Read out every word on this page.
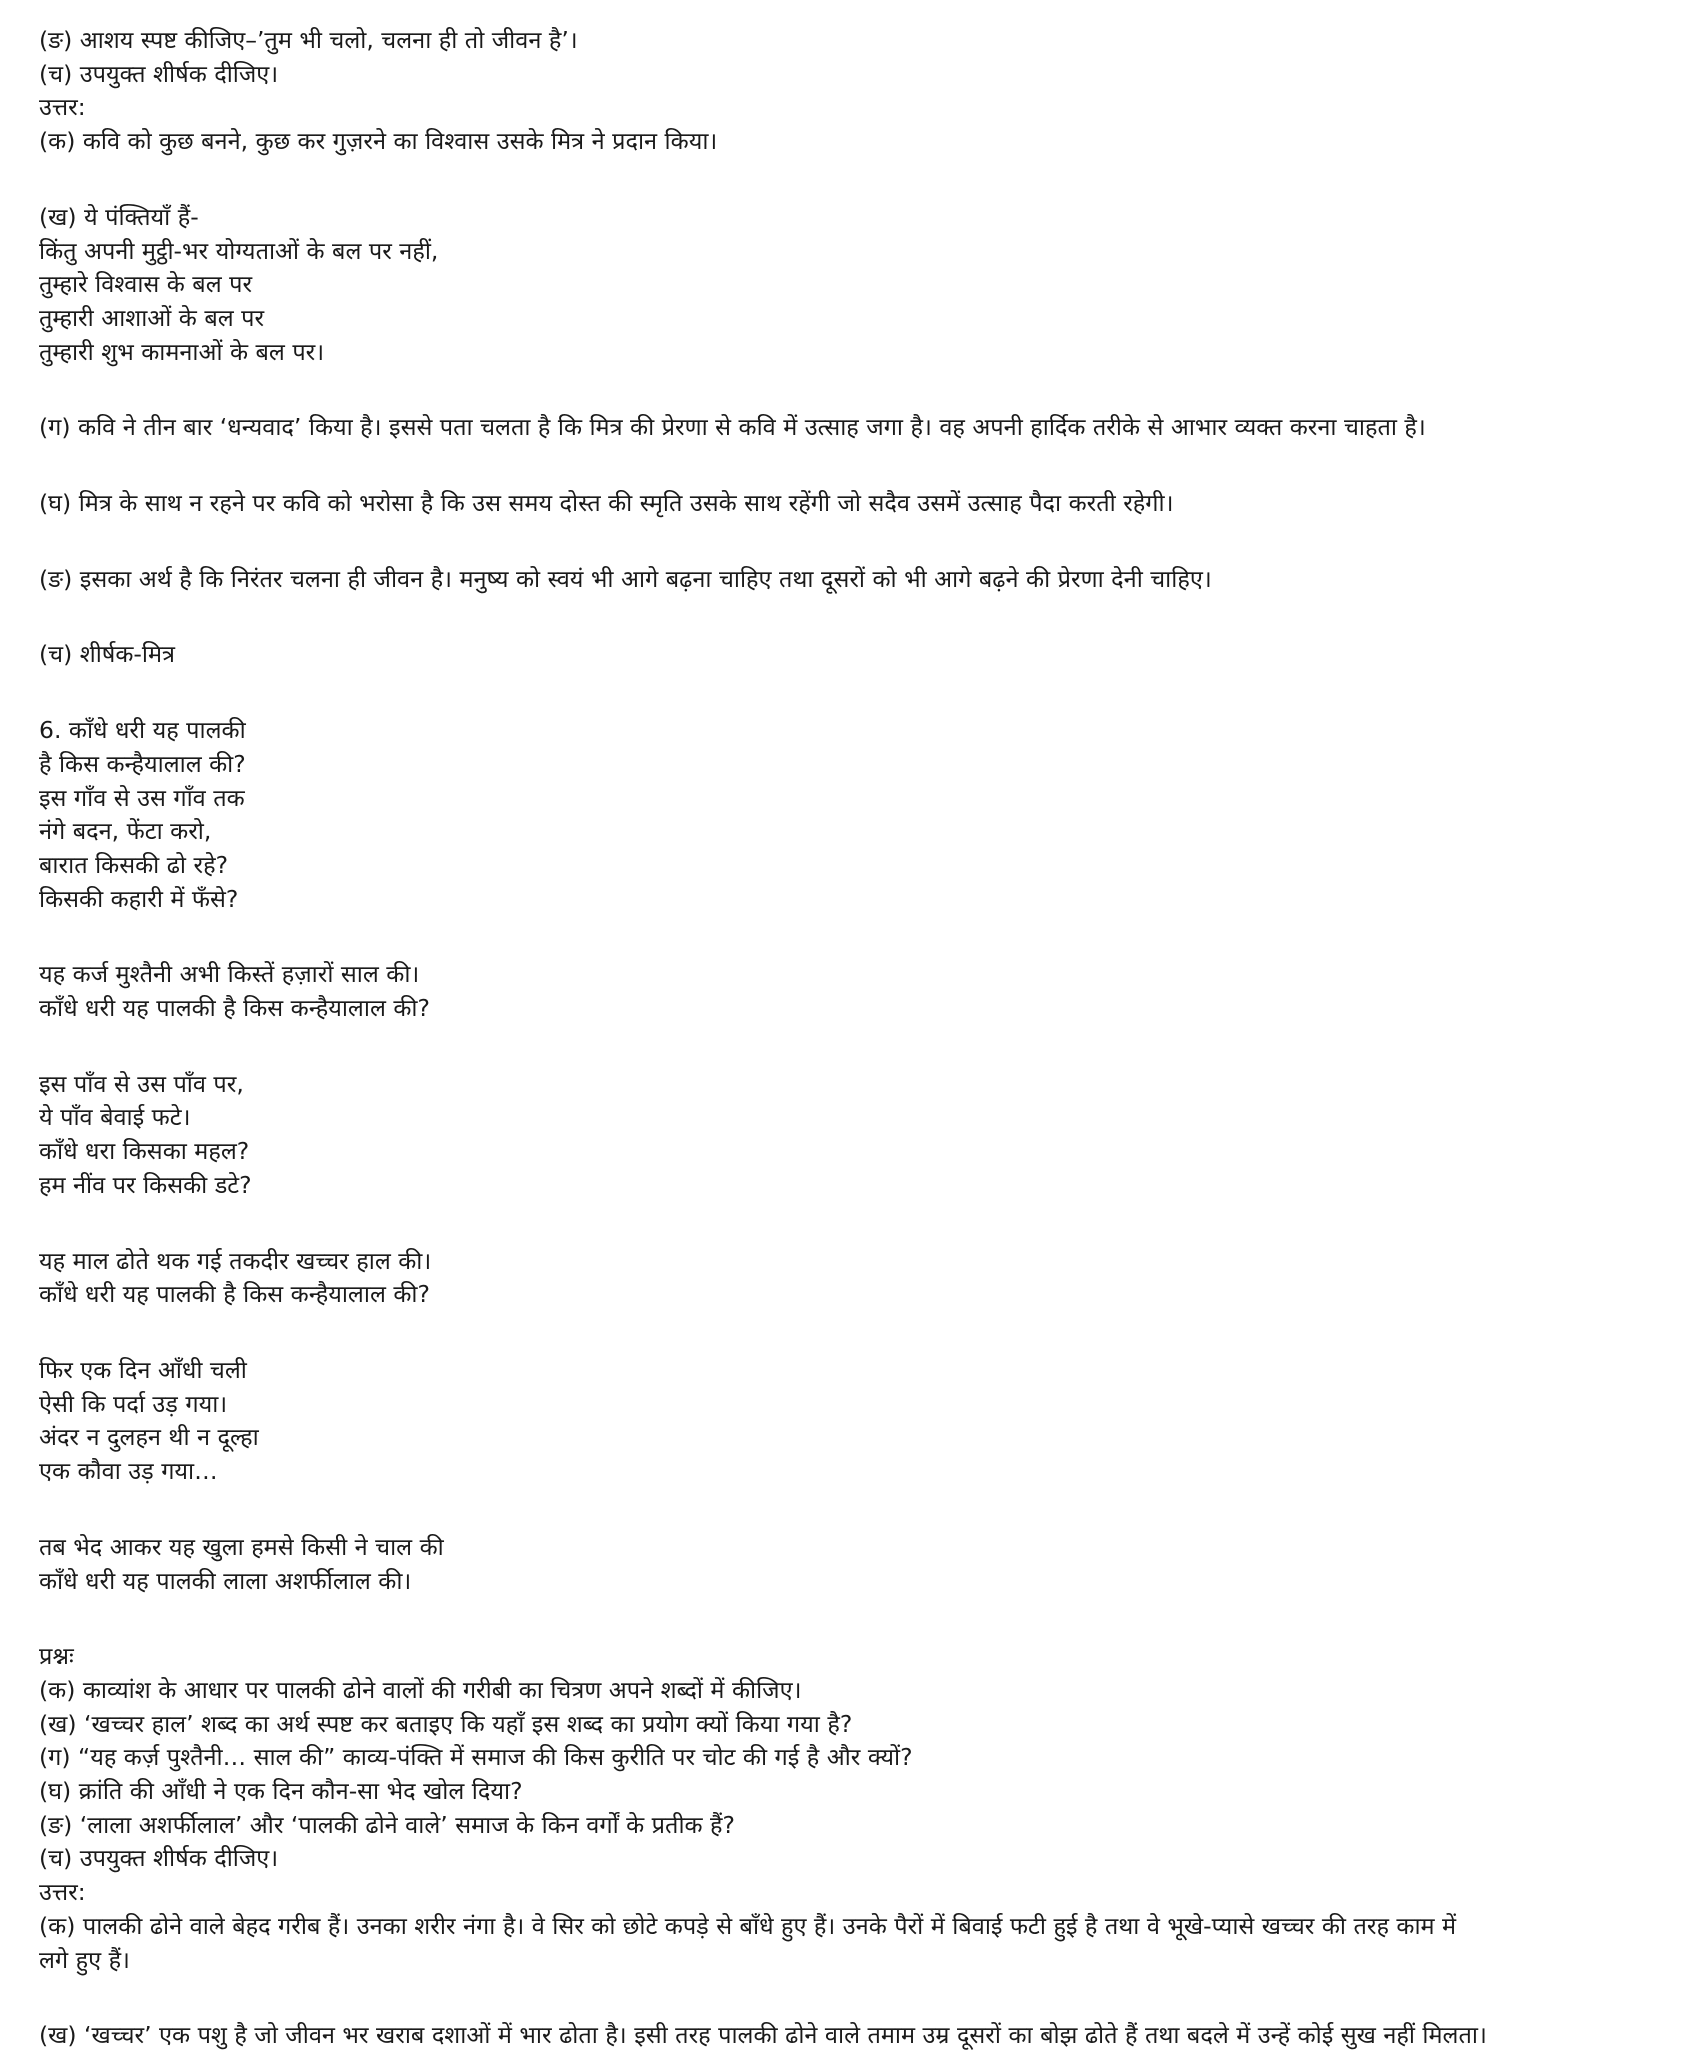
(ङ) आशय स्पष्ट कीजिए–’तुम भी चलो, चलना ही तो जीवन है’।
(च) उपयुक्त शीर्षक दीजिए।
उत्तर:
(क) कवि को कुछ बनने, कुछ कर गुज़रने का विश्वास उसके मित्र ने प्रदान किया।
(ख) ये पंक्तियाँ हैं-
किंतु अपनी मुट्ठी-भर योग्यताओं के बल पर नहीं,
तुम्हारे विश्वास के बल पर
तुम्हारी आशाओं के बल पर
तुम्हारी शुभ कामनाओं के बल पर।
(ग) कवि ने तीन बार ‘धन्यवाद’ किया है। इससे पता चलता है कि मित्र की प्रेरणा से कवि में उत्साह जगा है। वह अपनी हार्दिक तरीके से आभार व्यक्त करना चाहता है।
(घ) मित्र के साथ न रहने पर कवि को भरोसा है कि उस समय दोस्त की स्मृति उसके साथ रहेंगी जो सदैव उसमें उत्साह पैदा करती रहेगी।
(ङ) इसका अर्थ है कि निरंतर चलना ही जीवन है। मनुष्य को स्वयं भी आगे बढ़ना चाहिए तथा दूसरों को भी आगे बढ़ने की प्रेरणा देनी चाहिए।
(च) शीर्षक-मित्र
6. काँधे धरी यह पालकी
है किस कन्हैयालाल की?
इस गाँव से उस गाँव तक
नंगे बदन, फेंटा करो,
बारात किसकी ढो रहे?
किसकी कहारी में फँसे?
यह कर्ज मुश्तैनी अभी किस्तें हज़ारों साल की।
काँधे धरी यह पालकी है किस कन्हैयालाल की?
इस पाँव से उस पाँव पर,
ये पाँव बेवाई फटे।
काँधे धरा किसका महल?
हम नींव पर किसकी डटे?
यह माल ढोते थक गई तकदीर खच्चर हाल की।
काँधे धरी यह पालकी है किस कन्हैयालाल की?
फिर एक दिन आँधी चली
ऐसी कि पर्दा उड़ गया।
अंदर न दुलहन थी न दूल्हा
एक कौवा उड़ गया…
तब भेद आकर यह खुला हमसे किसी ने चाल की
काँधे धरी यह पालकी लाला अशर्फीलाल की।
प्रश्नः
(क) काव्यांश के आधार पर पालकी ढोने वालों की गरीबी का चित्रण अपने शब्दों में कीजिए।
(ख) ‘खच्चर हाल’ शब्द का अर्थ स्पष्ट कर बताइए कि यहाँ इस शब्द का प्रयोग क्यों किया गया है?
(ग) “यह कर्ज़ पुश्तैनी… साल की” काव्य-पंक्ति में समाज की किस कुरीति पर चोट की गई है और क्यों?
(घ) क्रांति की आँधी ने एक दिन कौन-सा भेद खोल दिया?
(ङ) ‘लाला अशर्फीलाल’ और ‘पालकी ढोने वाले’ समाज के किन वर्गों के प्रतीक हैं?
(च) उपयुक्त शीर्षक दीजिए।
उत्तर:
(क) पालकी ढोने वाले बेहद गरीब हैं। उनका शरीर नंगा है। वे सिर को छोटे कपड़े से बाँधे हुए हैं। उनके पैरों में बिवाई फटी हुई है तथा वे भूखे-प्यासे खच्चर की तरह काम में
लगे हुए हैं।
(ख) ‘खच्चर’ एक पशु है जो जीवन भर खराब दशाओं में भार ढोता है। इसी तरह पालकी ढोने वाले तमाम उम्र दूसरों का बोझ ढोते हैं तथा बदले में उन्हें कोई सुख नहीं मिलता।
